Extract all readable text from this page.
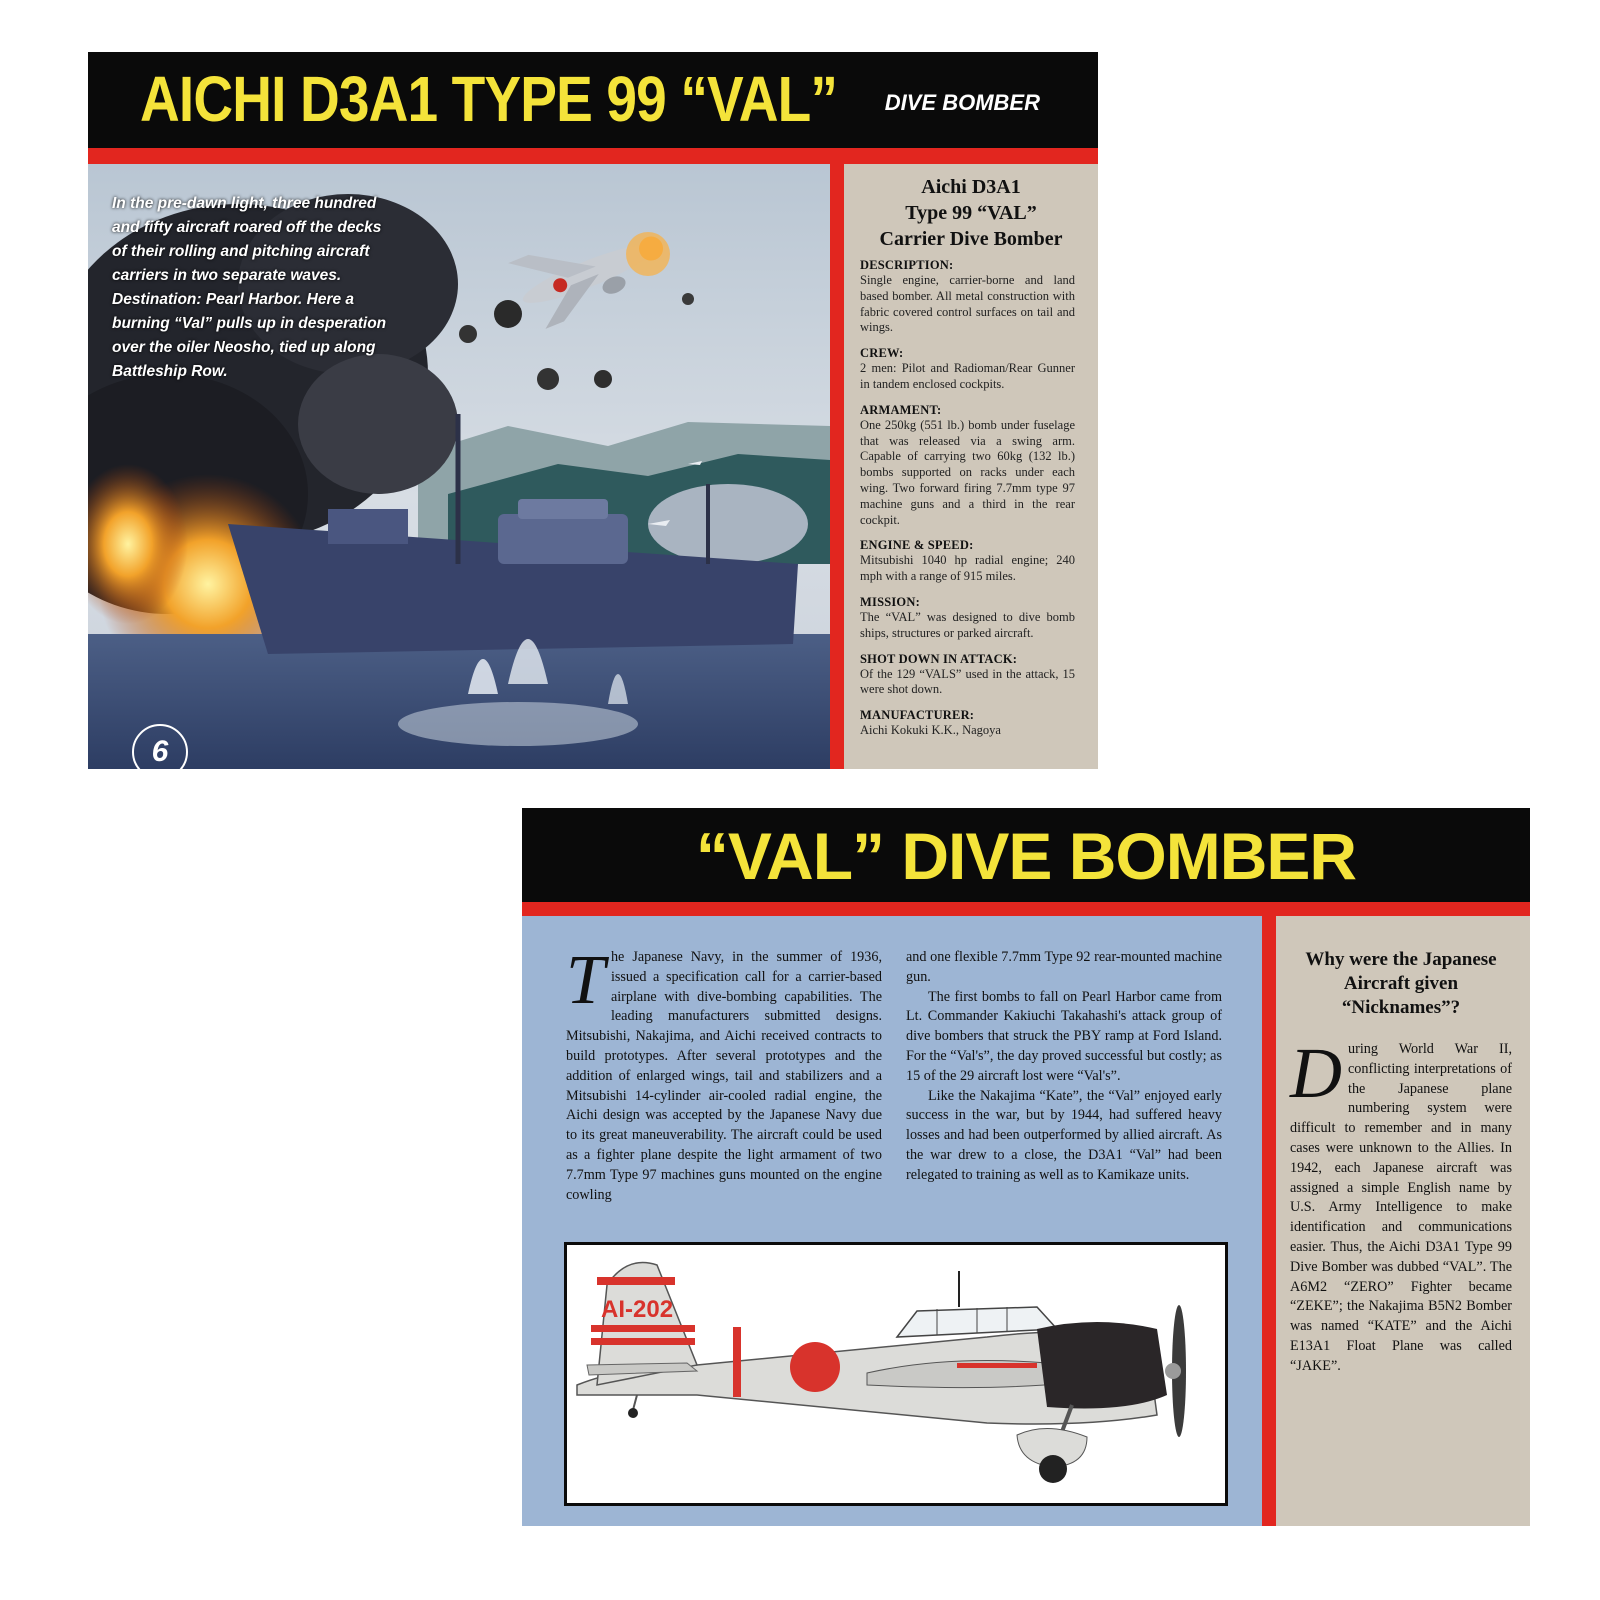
AICHI D3A1 TYPE 99 “VAL” DIVE BOMBER
In the pre-dawn light, three hundred and fifty aircraft roared off the decks of their rolling and pitching aircraft carriers in two separate waves. Destination: Pearl Harbor. Here a burning “Val” pulls up in desperation over the oiler Neosho, tied up along Battleship Row.
6
Aichi D3A1
Type 99 “VAL”
Carrier Dive Bomber
DESCRIPTION:
Single engine, carrier-borne and land based bomber. All metal construction with fabric covered control surfaces on tail and wings.
CREW:
2 men: Pilot and Radioman/Rear Gunner in tandem enclosed cockpits.
ARMAMENT:
One 250kg (551 lb.) bomb under fuselage that was released via a swing arm. Capable of carrying two 60kg (132 lb.) bombs supported on racks under each wing. Two forward firing 7.7mm type 97 machine guns and a third in the rear cockpit.
ENGINE & SPEED:
Mitsubishi 1040 hp radial engine; 240 mph with a range of 915 miles.
MISSION:
The “VAL” was designed to dive bomb ships, structures or parked aircraft.
SHOT DOWN IN ATTACK:
Of the 129 “VALS” used in the attack, 15 were shot down.
MANUFACTURER:
Aichi Kokuki K.K., Nagoya
“VAL” DIVE BOMBER
T he Japanese Navy, in the summer of 1936, issued a specification call for a carrier-based airplane with dive-bombing capabilities. The leading manufacturers submitted designs. Mitsubishi, Nakajima, and Aichi received contracts to build prototypes. After several prototypes and the addition of enlarged wings, tail and stabilizers and a Mitsubishi 14-cylinder air-cooled radial engine, the Aichi design was accepted by the Japanese Navy due to its great maneuverability. The aircraft could be used as a fighter plane despite the light armament of two 7.7mm Type 97 machines guns mounted on the engine cowling

and one flexible 7.7mm Type 92 rear-mounted machine gun.

The first bombs to fall on Pearl Harbor came from Lt. Commander Kakiuchi Takahashi's attack group of dive bombers that struck the PBY ramp at Ford Island. For the “Val's”, the day proved successful but costly; as 15 of the 29 aircraft lost were “Val's”.

Like the Nakajima “Kate”, the “Val” enjoyed early success in the war, but by 1944, had suffered heavy losses and had been outperformed by allied aircraft. As the war drew to a close, the D3A1 “Val” had been relegated to training as well as to Kamikaze units.

AI-202
Why were the Japanese Aircraft given “Nicknames”?
D uring World War II, conflicting interpretations of the Japanese plane numbering system were difficult to remember and in many cases were unknown to the Allies. In 1942, each Japanese aircraft was assigned a simple English name by U.S. Army Intelligence to make identification and communications easier. Thus, the Aichi D3A1 Type 99 Dive Bomber was dubbed “VAL”. The A6M2 “ZERO” Fighter became “ZEKE”; the Nakajima B5N2 Bomber was named “KATE” and the Aichi E13A1 Float Plane was called “JAKE”.
